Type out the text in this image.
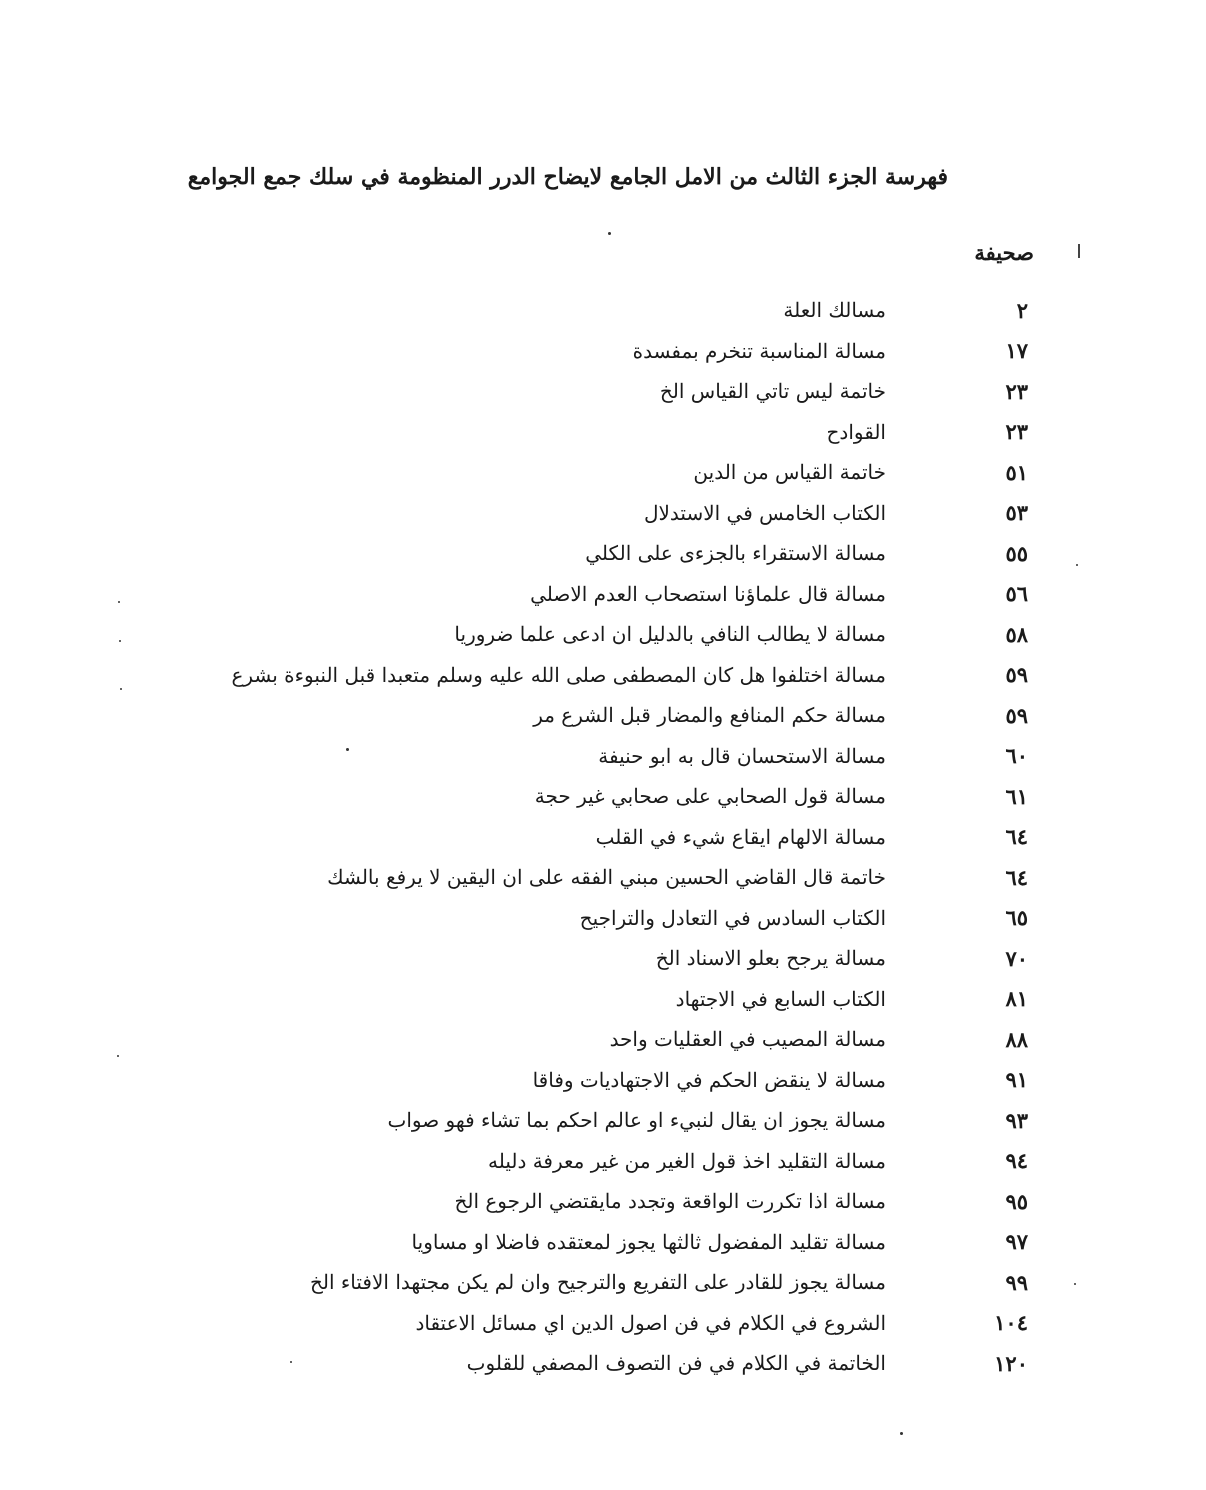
فهرسة الجزء الثالث من الامل الجامع لايضاح الدرر المنظومة في سلك جمع الجوامع
صحيفة
٢
مسالك العلة
١٧
مسالة المناسبة تنخرم بمفسدة
٢٣
خاتمة ليس تاتي القياس الخ
٢٣
القوادح
٥١
خاتمة القياس من الدين
٥٣
الكتاب الخامس في الاستدلال
٥٥
مسالة الاستقراء بالجزءى على الكلي
٥٦
مسالة قال علماؤنا استصحاب العدم الاصلي
٥٨
مسالة لا يطالب النافي بالدليل ان ادعى علما ضروريا
٥٩
مسالة اختلفوا هل كان المصطفى صلى الله عليه وسلم متعبدا قبل النبوءة بشرع
٥٩
مسالة حكم المنافع والمضار قبل الشرع مر
٦٠
مسالة الاستحسان قال به ابو حنيفة
٦١
مسالة قول الصحابي على صحابي غير حجة
٦٤
مسالة الالهام ايقاع شيء في القلب
٦٤
خاتمة قال القاضي الحسين مبني الفقه على ان اليقين لا يرفع بالشك
٦٥
الكتاب السادس في التعادل والتراجيح
٧٠
مسالة يرجح بعلو الاسناد الخ
٨١
الكتاب السابع في الاجتهاد
٨٨
مسالة المصيب في العقليات واحد
٩١
مسالة لا ينقض الحكم في الاجتهاديات وفاقا
٩٣
مسالة يجوز ان يقال لنبيء او عالم احكم بما تشاء فهو صواب
٩٤
مسالة التقليد اخذ قول الغير من غير معرفة دليله
٩٥
مسالة اذا تكررت الواقعة وتجدد مايقتضي الرجوع الخ
٩٧
مسالة تقليد المفضول ثالثها يجوز لمعتقده فاضلا او مساويا
٩٩
مسالة يجوز للقادر على التفريع والترجيح وان لم يكن مجتهدا الافتاء الخ
١٠٤
الشروع في الكلام في فن اصول الدين اي مسائل الاعتقاد
١٢٠
الخاتمة في الكلام في فن التصوف المصفي للقلوب
